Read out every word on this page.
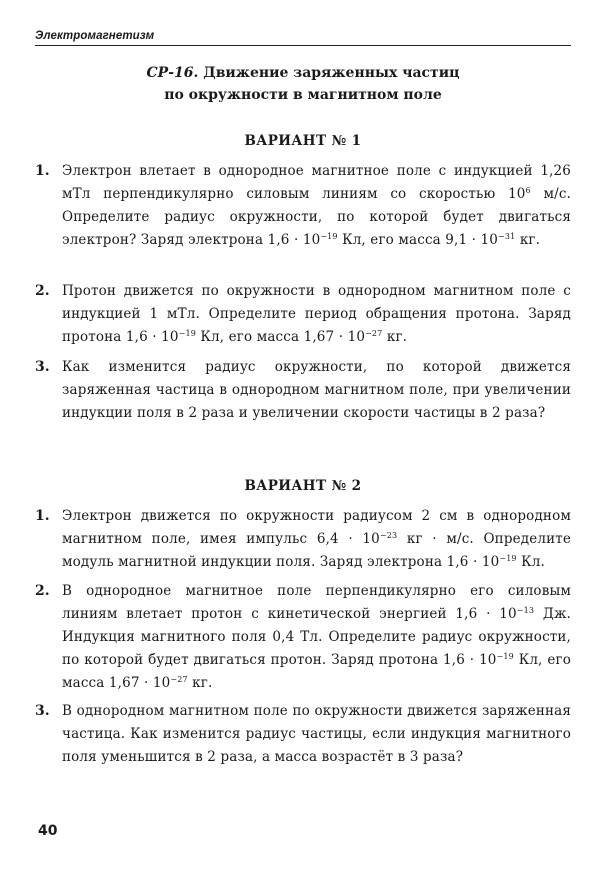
Электромагнетизм
СР-16. Движение заряженных частиц
по окружности в магнитном поле
ВАРИАНТ № 1
1. Электрон влетает в однородное магнитное поле с индукцией 1,26 мТл перпендикулярно силовым линиям со скоростью $10^6$ м/с. Определите радиус окружности, по которой будет двигаться электрон? Заряд электрона $1,6 \cdot 10^{-19}$ Кл, его масса $9,1 \cdot 10^{-31}$ кг.
2. Протон движется по окружности в однородном магнитном поле с индукцией 1 мТл. Определите период обращения протона. Заряд протона $1,6 \cdot 10^{-19}$ Кл, его масса $1,67 \cdot 10^{-27}$ кг.
3. Как изменится радиус окружности, по которой движется заряженная частица в однородном магнитном поле, при увеличении индукции поля в 2 раза и увеличении скорости частицы в 2 раза?
ВАРИАНТ № 2
1. Электрон движется по окружности радиусом 2 см в однородном магнитном поле, имея импульс $6,4 \cdot 10^{-23}$ кг · м/с. Определите модуль магнитной индукции поля. Заряд электрона $1,6 \cdot 10^{-19}$ Кл.
2. В однородное магнитное поле перпендикулярно его силовым линиям влетает протон с кинетической энергией $1,6 \cdot 10^{-13}$ Дж. Индукция магнитного поля 0,4 Тл. Определите радиус окружности, по которой будет двигаться протон. Заряд протона $1,6 \cdot 10^{-19}$ Кл, его масса $1,67 \cdot 10^{-27}$ кг.
3. В однородном магнитном поле по окружности движется заряженная частица. Как изменится радиус частицы, если индукция магнитного поля уменьшится в 2 раза, а масса возрастёт в 3 раза?
40
